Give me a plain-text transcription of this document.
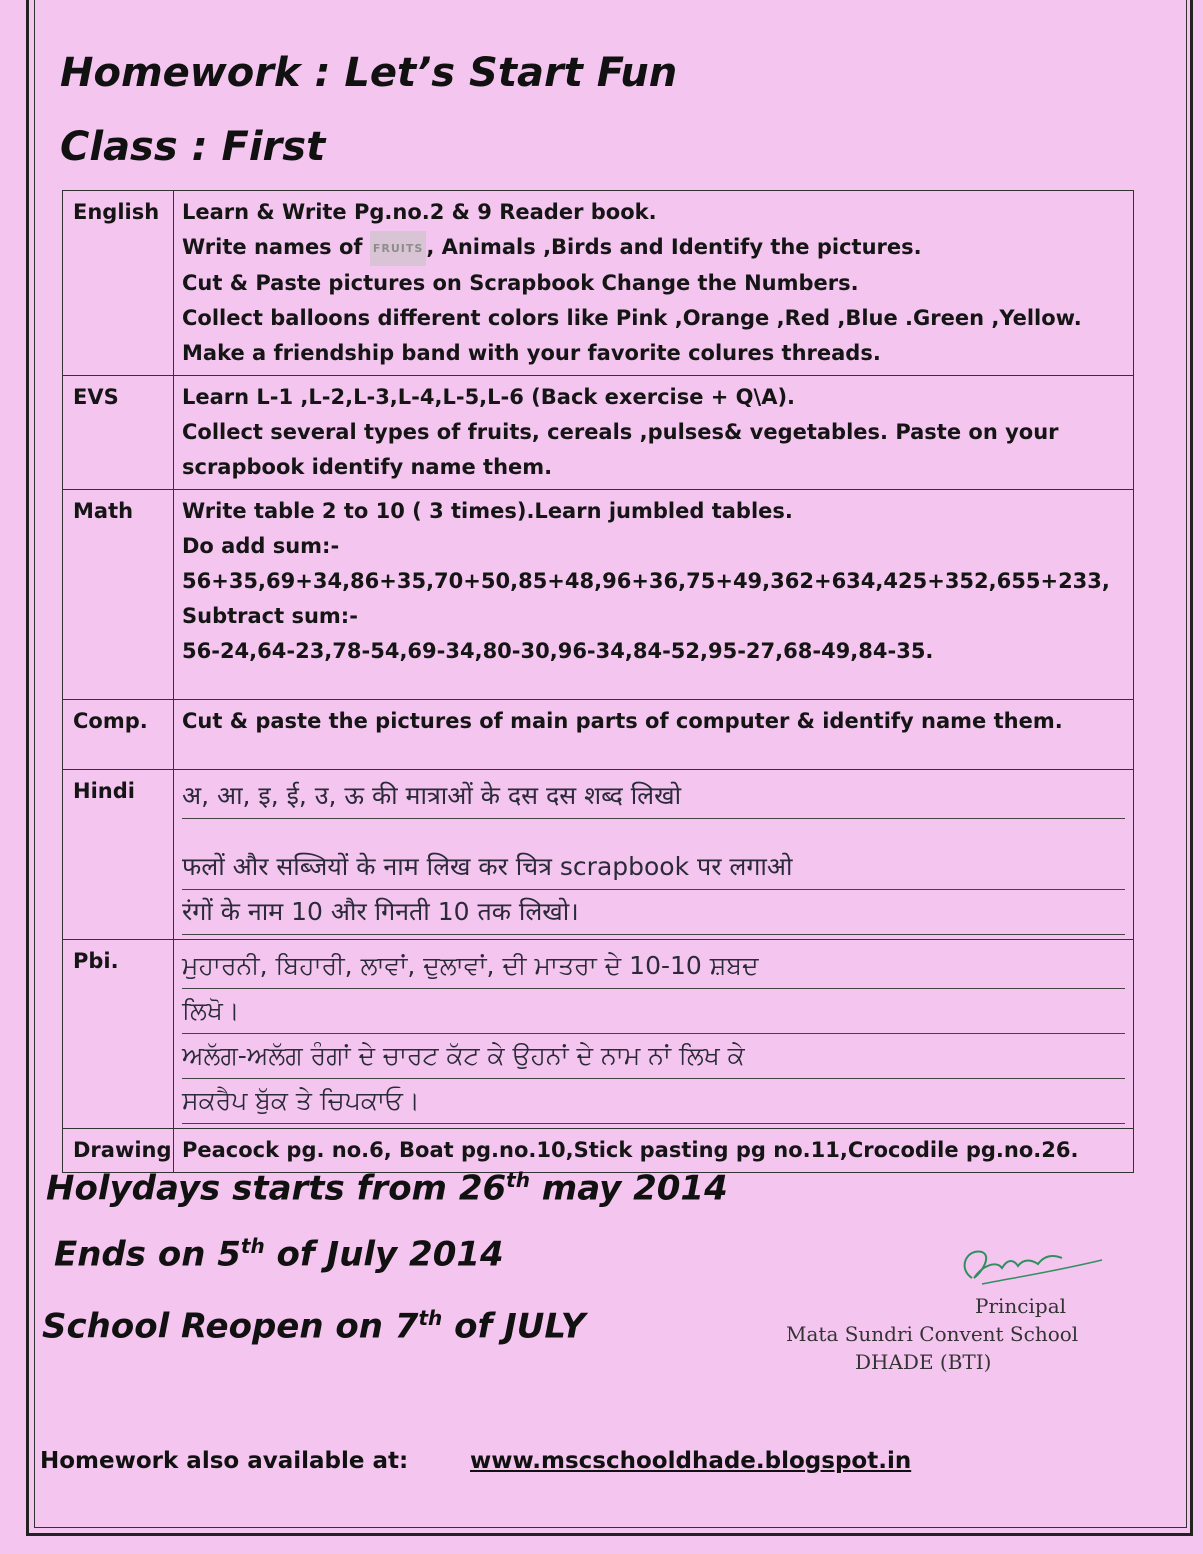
Homework : Let’s Start Fun
Class : First
English	Learn & Write Pg.no.2 & 9 Reader book.
Write names of FRUITS , Animals ,Birds and Identify the pictures.
Cut & Paste pictures on Scrapbook Change the Numbers.
Collect balloons different colors like Pink ,Orange ,Red ,Blue .Green ,Yellow.
Make a friendship band with your favorite colures threads.

EVS	Learn L-1 ,L-2,L-3,L-4,L-5,L-6 (Back exercise + Q\A).
Collect several types of fruits, cereals ,pulses& vegetables. Paste on your
scrapbook identify name them.

Math	Write table 2 to 10 ( 3 times).Learn jumbled tables.
Do add sum:-
56+35,69+34,86+35,70+50,85+48,96+36,75+49,362+634,425+352,655+233,
Subtract sum:-
56-24,64-23,78-54,69-34,80-30,96-34,84-52,95-27,68-49,84-35.

Comp.	Cut & paste the pictures of main parts of computer & identify name them.

Hindi	अ, आ, इ, ई, उ, ऊ की मात्राओं के दस दस शब्द लिखो
फलों और सब्जियों के नाम लिख कर चित्र scrapbook पर लगाओ
रंगों के नाम 10 और गिनती 10 तक लिखो।

Pbi.	ਮੁਹਾਰਨੀ, ਬਿਹਾਰੀ, ਲਾਵਾਂ, ਦੁਲਾਵਾਂ, ਦੀ ਮਾਤਰਾ ਦੇ 10-10 ਸ਼ਬਦ
ਲਿਖੋ।
ਅਲੱਗ-ਅਲੱਗ ਰੰਗਾਂ ਦੇ ਚਾਰਟ ਕੱਟ ਕੇ ਉਹਨਾਂ ਦੇ ਨਾਮ ਨਾਂ ਲਿਖ ਕੇ
ਸਕਰੈਪ ਬੁੱਕ ਤੇ ਚਿਪਕਾਓ।

Drawing	Peacock pg. no.6, Boat pg.no.10,Stick pasting pg no.11,Crocodile pg.no.26.
Holydays starts from 26th may 2014
Ends on 5th of July 2014
School Reopen on 7th of JULY
Principal
Mata Sundri Convent School
DHADE (BTI)
Homework also available at:	www.mscschooldhade.blogspot.in
